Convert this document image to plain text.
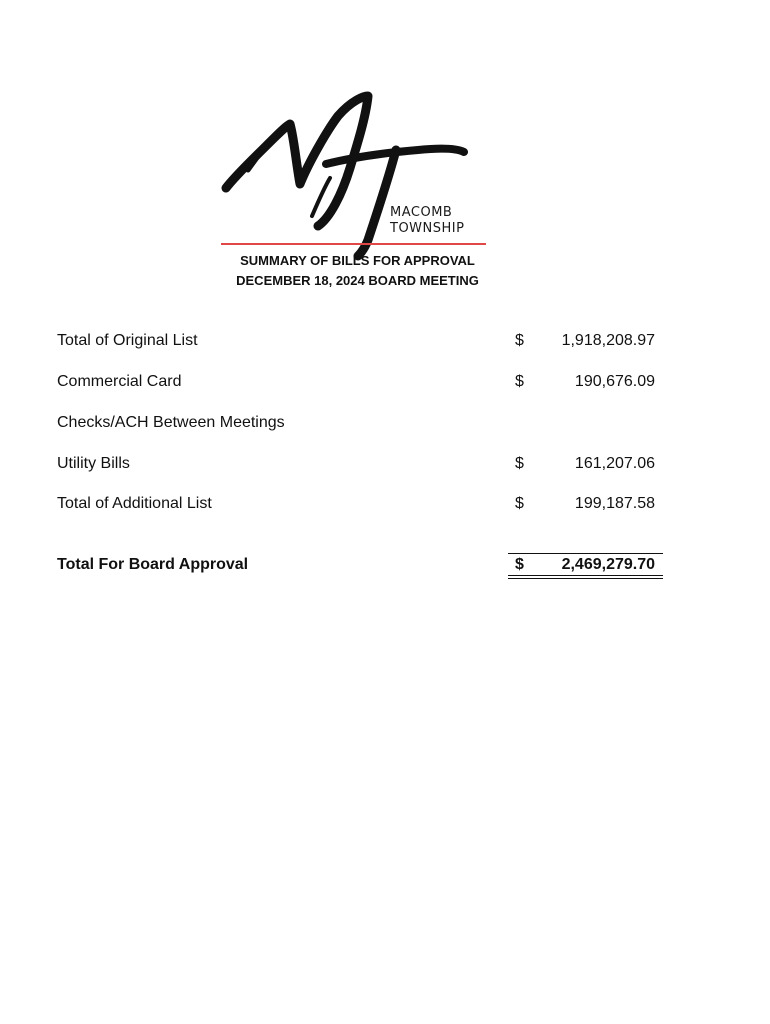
MACOMB
TOWNSHIP
SUMMARY OF BILLS FOR APPROVAL
DECEMBER 18, 2024 BOARD MEETING
Total of Original List	$ 1,918,208.97
Commercial Card	$	190,676.09
Checks/ACH Between Meetings
Utility Bills	$	161,207.06
Total of Additional List	$	199,187.58
Total For Board Approval	$ 2,469,279.70
